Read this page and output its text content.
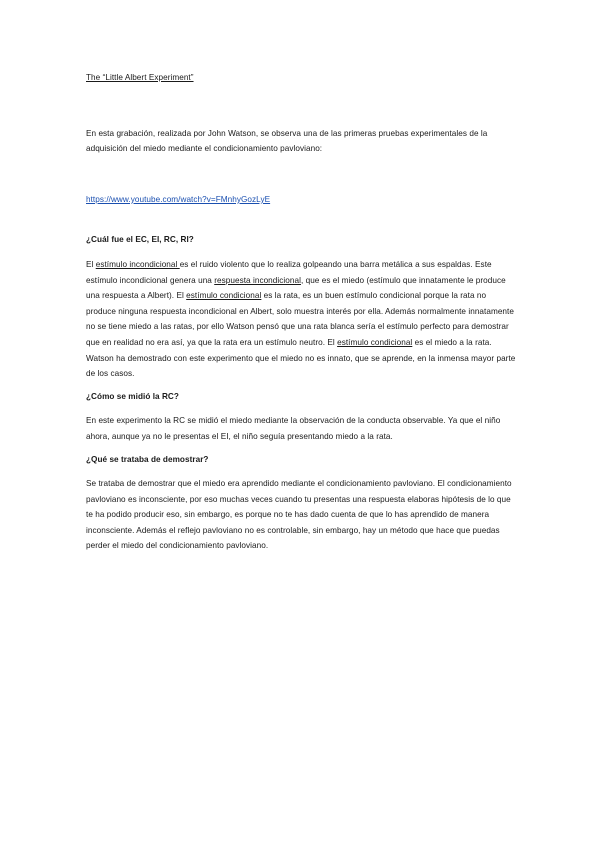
The “Little Albert Experiment”

En esta grabación, realizada por John Watson, se observa una de las primeras pruebas experimentales de la adquisición del miedo mediante el condicionamiento pavloviano:

https://www.youtube.com/watch?v=FMnhyGozLyE
¿Cuál fue el EC, EI, RC, RI?

El estímulo incondicional es el ruido violento que lo realiza golpeando una barra metálica a sus espaldas. Este estímulo incondicional genera una respuesta incondicional, que es el miedo (estímulo que innatamente le produce una respuesta a Albert). El estímulo condicional es la rata, es un buen estímulo condicional porque la rata no produce ninguna respuesta incondicional en Albert, solo muestra interés por ella. Además normalmente innatamente no se tiene miedo a las ratas, por ello Watson pensó que una rata blanca sería el estímulo perfecto para demostrar que en realidad no era así, ya que la rata era un estímulo neutro. El estímulo condicional es el miedo a la rata. Watson ha demostrado con este experimento que el miedo no es innato, que se aprende, en la inmensa mayor parte de los casos.

¿Cómo se midió la RC?

En este experimento la RC se midió el miedo mediante la observación de la conducta observable. Ya que el niño ahora, aunque ya no le presentas el EI, el niño seguía presentando miedo a la rata.

¿Qué se trataba de demostrar?

Se trataba de demostrar que el miedo era aprendido mediante el condicionamiento pavloviano. El condicionamiento pavloviano es inconsciente, por eso muchas veces cuando tu presentas una respuesta elaboras hipótesis de lo que te ha podido producir eso, sin embargo, es porque no te has dado cuenta de que lo has aprendido de manera inconsciente. Además el reflejo pavloviano no es controlable, sin embargo, hay un método que hace que puedas perder el miedo del condicionamiento pavloviano.
